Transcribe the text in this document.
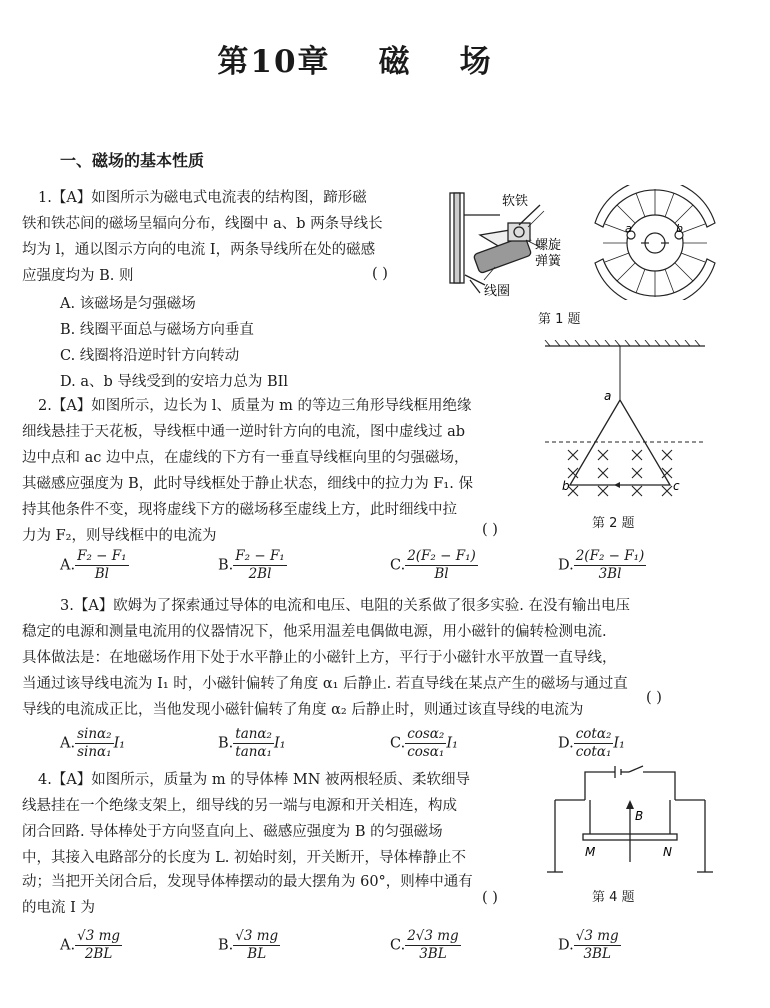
第10章 磁 场
一、磁场的基本性质
1.【A】如图所示为磁电式电流表的结构图，蹄形磁
铁和铁芯间的磁场呈辐向分布，线圈中 a、b 两条导线长
均为 l，通以图示方向的电流 I，两条导线所在处的磁感
应强度均为 B. 则	( )
A. 该磁场是匀强磁场
B. 线圈平面总与磁场方向垂直
C. 线圈将沿逆时针方向转动
D. a、b 导线受到的安培力总为 BIl
软铁
螺旋
弹簧
线圈
a	b
第 1 题
2.【A】如图所示，边长为 l、质量为 m 的等边三角形导线框用绝缘
细线悬挂于天花板，导线框中通一逆时针方向的电流，图中虚线过 ab
边中点和 ac 边中点，在虚线的下方有一垂直导线框向里的匀强磁场，
其磁感应强度为 B，此时导线框处于静止状态，细线中的拉力为 F₁. 保
持其他条件不变，现将虚线下方的磁场移至虚线上方，此时细线中拉
力为 F₂，则导线框中的电流为	( )
a
b	c
第 2 题
A. $\frac{\text{F₂ − F₁}}{Bl}$	B. $\frac{\text{F₂ − F₁}}{2Bl}$	C. $\frac{\text{2(F₂ − F₁)}}{Bl}$	D. $\frac{\text{2(F₂ − F₁)}}{3Bl}$
3.【A】欧姆为了探索通过导体的电流和电压、电阻的关系做了很多实验. 在没有输出电压
稳定的电源和测量电流用的仪器情况下，他采用温差电偶做电源，用小磁针的偏转检测电流.
具体做法是：在地磁场作用下处于水平静止的小磁针上方，平行于小磁针水平放置一直导线，
当通过该导线电流为 I₁ 时，小磁针偏转了角度 α₁ 后静止. 若直导线在某点产生的磁场与通过直
导线的电流成正比，当他发现小磁针偏转了角度 α₂ 后静止时，则通过该直导线的电流为
( )
A. $\frac{\text{sinα₂}}{\text{sinα₁}} I_1$	B. $\frac{\text{tanα₂}}{\text{tanα₁}} I_1$	C. $\frac{\text{cosα₂}}{\text{cosα₁}} I_1$	D. $\frac{\text{cotα₂}}{\text{cotα₁}} I_1$
4.【A】如图所示，质量为 m 的导体棒 MN 被两根轻质、柔软细导
线悬挂在一个绝缘支架上，细导线的另一端与电源和开关相连，构成
闭合回路. 导体棒处于方向竖直向上、磁感应强度为 B 的匀强磁场
中，其接入电路部分的长度为 L. 初始时刻，开关断开，导体棒静止不
动；当把开关闭合后，发现导体棒摆动的最大摆角为 60°，则棒中通有
的电流 I 为
( )
B
M	N
第 4 题
A. $\frac{√3 mg}{2BL}$	B. $\frac{√3 mg}{BL}$	C. $\frac{2√3 mg}{3BL}$	D. $\frac{√3 mg}{3BL}$
